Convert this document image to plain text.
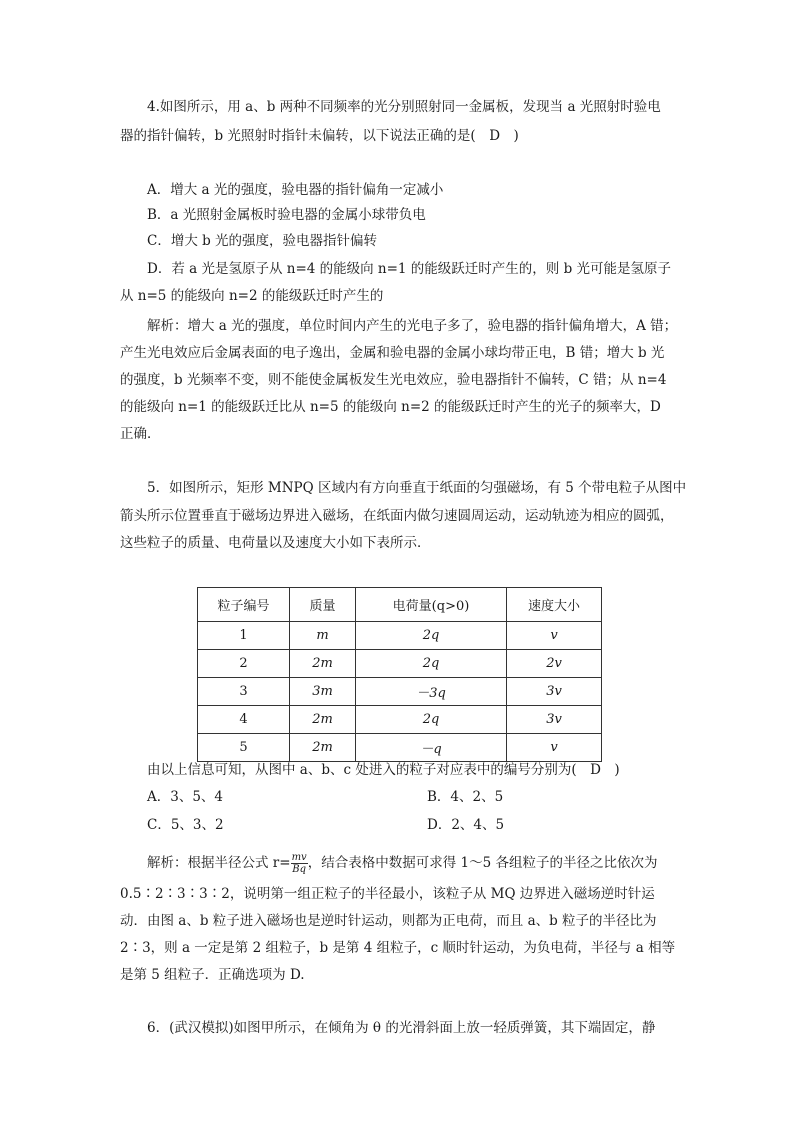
4.如图所示，用 a、b 两种不同频率的光分别照射同一金属板，发现当 a 光照射时验电
器的指针偏转，b 光照射时指针未偏转，以下说法正确的是(　D　)
A．增大 a 光的强度，验电器的指针偏角一定减小
B．a 光照射金属板时验电器的金属小球带负电
C．增大 b 光的强度，验电器指针偏转
D．若 a 光是氢原子从 n=4 的能级向 n=1 的能级跃迁时产生的，则 b 光可能是氢原子
从 n=5 的能级向 n=2 的能级跃迁时产生的
解析：增大 a 光的强度，单位时间内产生的光电子多了，验电器的指针偏角增大，A 错；
产生光电效应后金属表面的电子逸出，金属和验电器的金属小球均带正电，B 错；增大 b 光
的强度，b 光频率不变，则不能使金属板发生光电效应，验电器指针不偏转，C 错；从 n=4
的能级向 n=1 的能级跃迁比从 n=5 的能级向 n=2 的能级跃迁时产生的光子的频率大，D
正确．
5．如图所示，矩形 MNPQ 区域内有方向垂直于纸面的匀强磁场，有 5 个带电粒子从图中
箭头所示位置垂直于磁场边界进入磁场，在纸面内做匀速圆周运动，运动轨迹为相应的圆弧，
这些粒子的质量、电荷量以及速度大小如下表所示．
粒子编号	质量	电荷量(q>0)	速度大小
1	m	2q	v
2	2m	2q	2v
3	3m	－3q	3v
4	2m	2q	3v
5	2m	－q	v
由以上信息可知，从图中 a、b、c 处进入的粒子对应表中的编号分别为(　D　)
A．3、5、4	B．4、2、5
C．5、3、2	D．2、4、5
解析：根据半径公式 $r= \frac{mv}{Bq}$ ，结合表格中数据可求得 1～5 各组粒子的半径之比依次为
0.5∶2∶3∶3∶2，说明第一组正粒子的半径最小，该粒子从 MQ 边界进入磁场逆时针运
动．由图 a、b 粒子进入磁场也是逆时针运动，则都为正电荷，而且 a、b 粒子的半径比为
2∶3，则 a 一定是第 2 组粒子，b 是第 4 组粒子，c 顺时针运动，为负电荷，半径与 a 相等
是第 5 组粒子．正确选项为 D.
6．(武汉模拟)如图甲所示，在倾角为 θ 的光滑斜面上放一轻质弹簧，其下端固定，静
